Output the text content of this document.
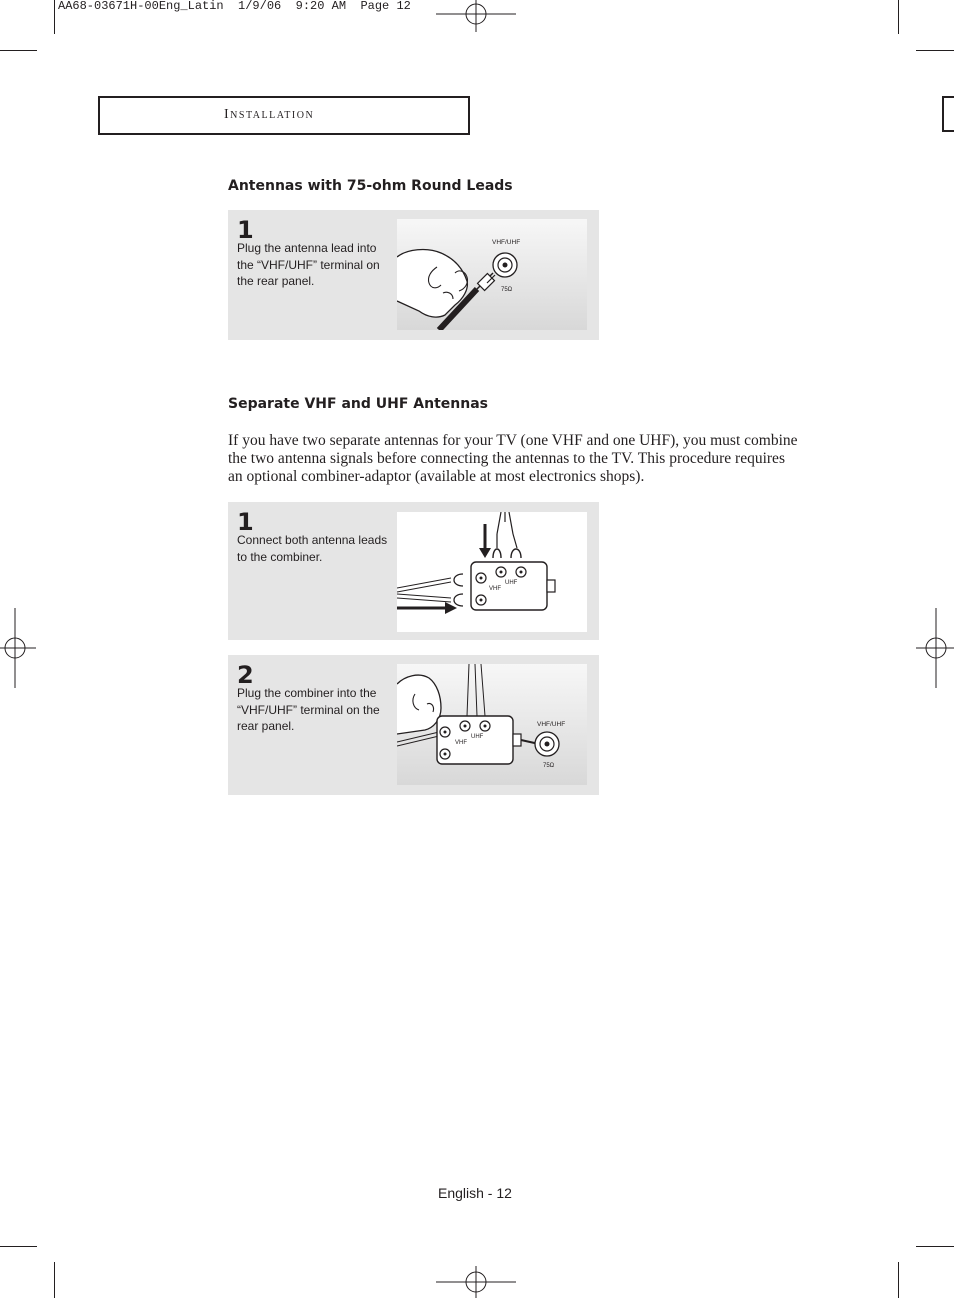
AA68-03671H-00Eng_Latin  1/9/06  9:20 AM  Page 12
Installation
Antennas with 75-ohm Round Leads
1
Plug the antenna lead into the “VHF/UHF” terminal on the rear panel.
VHF/UHF
75Ω
Separate VHF and UHF Antennas
If you have two separate antennas for your TV (one VHF and one UHF), you must combine the two antenna signals before connecting the antennas to the TV. This procedure requires an optional combiner-adaptor (available at most electronics shops).
1
Connect both antenna leads to the combiner.
VHF
UHF
2
Plug the combiner into the “VHF/UHF” terminal on the rear panel.
VHF
UHF
VHF/UHF
75Ω
English - 12
